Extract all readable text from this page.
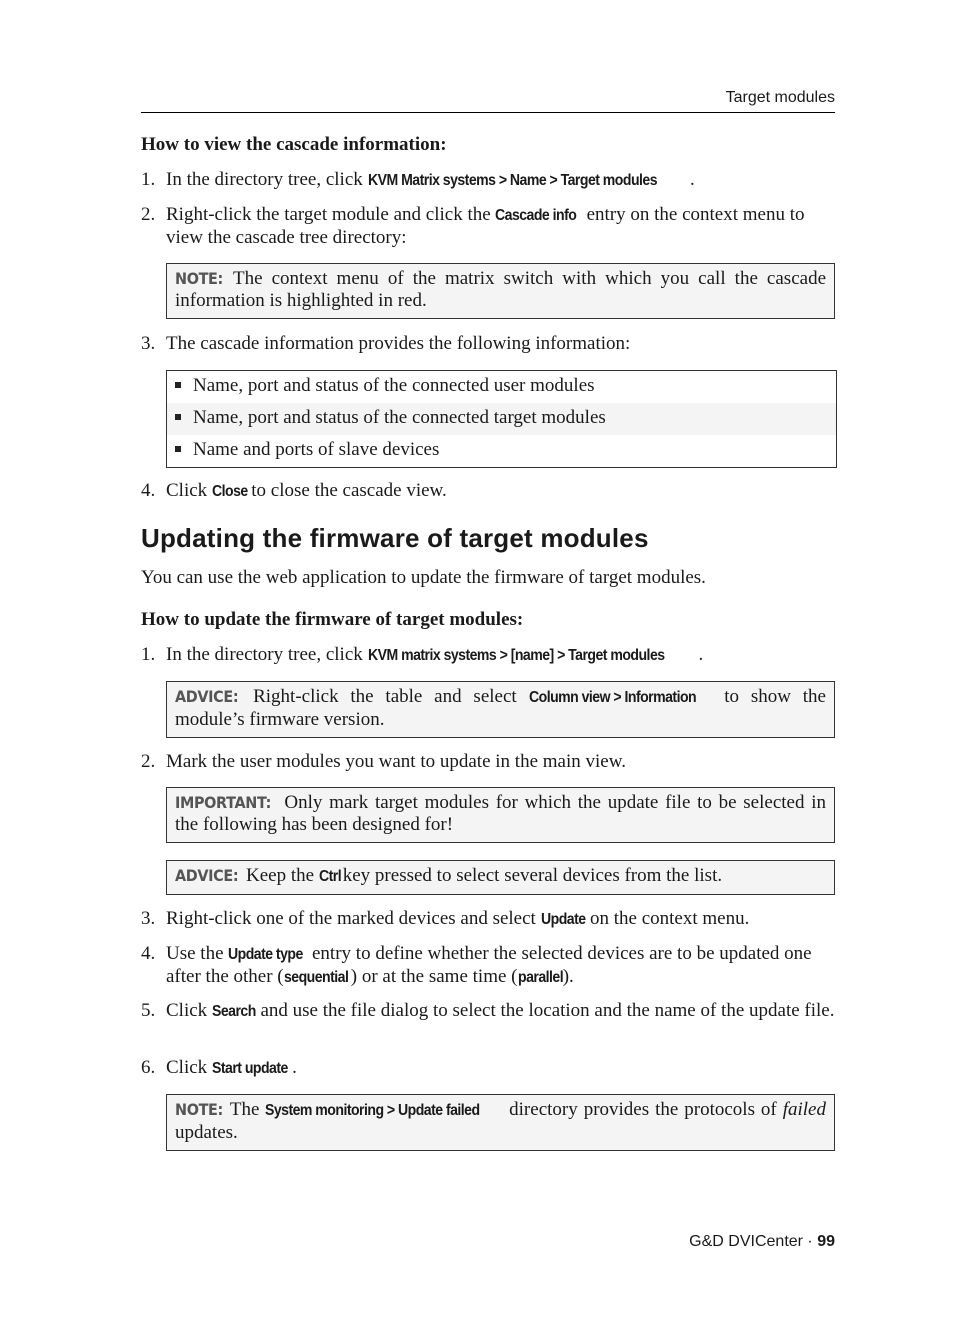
Target modules
How to view the cascade information:
1. In the directory tree, click KVM Matrix systems > Name > Target modules .
2. Right-click the target module and click the Cascade info entry on the context menu to view the cascade tree directory:
NOTE: The context menu of the matrix switch with which you call the cascade information is highlighted in red.
3. The cascade information provides the following information:
Name, port and status of the connected user modules
Name, port and status of the connected target modules
Name and ports of slave devices
4. Click Close to close the cascade view.
Updating the firmware of target modules
You can use the web application to update the firmware of target modules.
How to update the firmware of target modules:
1. In the directory tree, click KVM matrix systems > [name] > Target modules .
ADVICE: Right-click the table and select Column view > Information to show the module’s firmware version.
2. Mark the user modules you want to update in the main view.
IMPORTANT: Only mark target modules for which the update file to be selected in the following has been designed for!
ADVICE: Keep the Ctrl key pressed to select several devices from the list.
3. Right-click one of the marked devices and select Update on the context menu.
4. Use the Update type entry to define whether the selected devices are to be updated one after the other (sequential ) or at the same time (parallel).
5. Click Search and use the file dialog to select the location and the name of the update file.
6. Click Start update .
NOTE: The System monitoring > Update failed directory provides the protocols of failed updates.
G&D DVICenter · 99
